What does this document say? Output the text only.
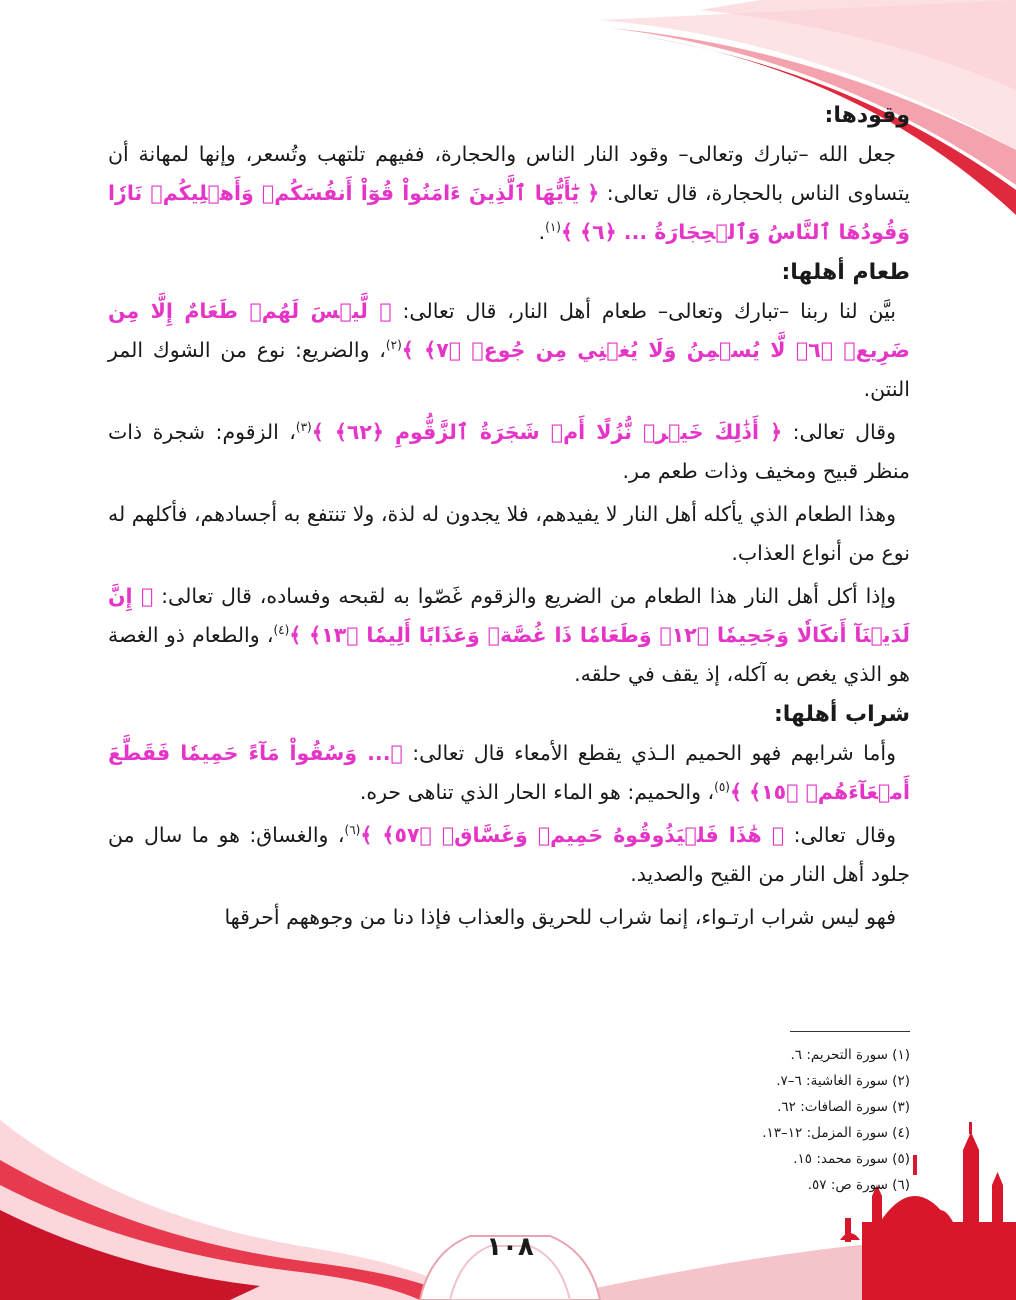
وقودها:

جعل الله –تبارك وتعالى– وقود النار الناس والحجارة، ففيهم تلتهب وتُسعر، وإنها لمهانة أن يتساوى الناس بالحجارة، قال تعالى: ﴿ يَٰٓأَيُّهَا ٱلَّذِينَ ءَامَنُواْ قُوٓاْ أَنفُسَكُمۡ وَأَهۡلِيكُمۡ نَارٗا وَقُودُهَا ٱلنَّاسُ وَٱلۡحِجَارَةُ ... ﴿٦﴾ ﴾$^{(١)}$.

طعام أهلها:

بيَّن لنا ربنا –تبارك وتعالى– طعام أهل النار، قال تعالى: ﴿ لَّيۡسَ لَهُمۡ طَعَامٌ إِلَّا مِن ضَرِيعٖ ﴿٦﴾ لَّا يُسۡمِنُ وَلَا يُغۡنِي مِن جُوعٖ ﴿٧﴾ ﴾$^{(٢)}$، والضريع: نوع من الشوك المر النتن.

وقال تعالى: ﴿ أَذَٰلِكَ خَيۡرٞ نُّزُلًا أَمۡ شَجَرَةُ ٱلزَّقُّومِ ﴿٦٢﴾ ﴾$^{(٣)}$، الزقوم: شجرة ذات منظر قبيح ومخيف وذات طعم مر.

وهذا الطعام الذي يأكله أهل النار لا يفيدهم، فلا يجدون له لذة، ولا تنتفع به أجسادهم، فأكلهم له نوع من أنواع العذاب.

وإذا أكل أهل النار هذا الطعام من الضريع والزقوم غَصّوا به لقبحه وفساده، قال تعالى: ﴿ إِنَّ لَدَيۡنَآ أَنكَالٗا وَجَحِيمٗا ﴿١٢﴾ وَطَعَامٗا ذَا غُصَّةٖ وَعَذَابًا أَلِيمٗا ﴿١٣﴾ ﴾$^{(٤)}$، والطعام ذو الغصة هو الذي يغص به آكله، إذ يقف في حلقه.

شراب أهلها:

وأما شرابهم فهو الحميم الـذي يقطع الأمعاء قال تعالى: ﴿... وَسُقُواْ مَآءً حَمِيمٗا فَقَطَّعَ أَمۡعَآءَهُمۡ ﴿١٥﴾ ﴾$^{(٥)}$، والحميم: هو الماء الحار الذي تناهى حره.

وقال تعالى: ﴿ هَٰذَا فَلۡيَذُوقُوهُ حَمِيمٞ وَغَسَّاقٞ ﴿٥٧﴾ ﴾$^{(٦)}$، والغساق: هو ما سال من جلود أهل النار من القيح والصديد.

فهو ليس شراب ارتـواء، إنما شراب للحريق والعذاب فإذا دنا من وجوههم أحرقها

(١) سورة التحريم: ٦.
(٢) سورة الغاشية: ٦–٧.
(٣) سورة الصافات: ٦٢.
(٤) سورة المزمل: ١٢–١٣.
(٥) سورة محمد: ١٥.
(٦) سورة ص: ٥٧.
١٠٨
